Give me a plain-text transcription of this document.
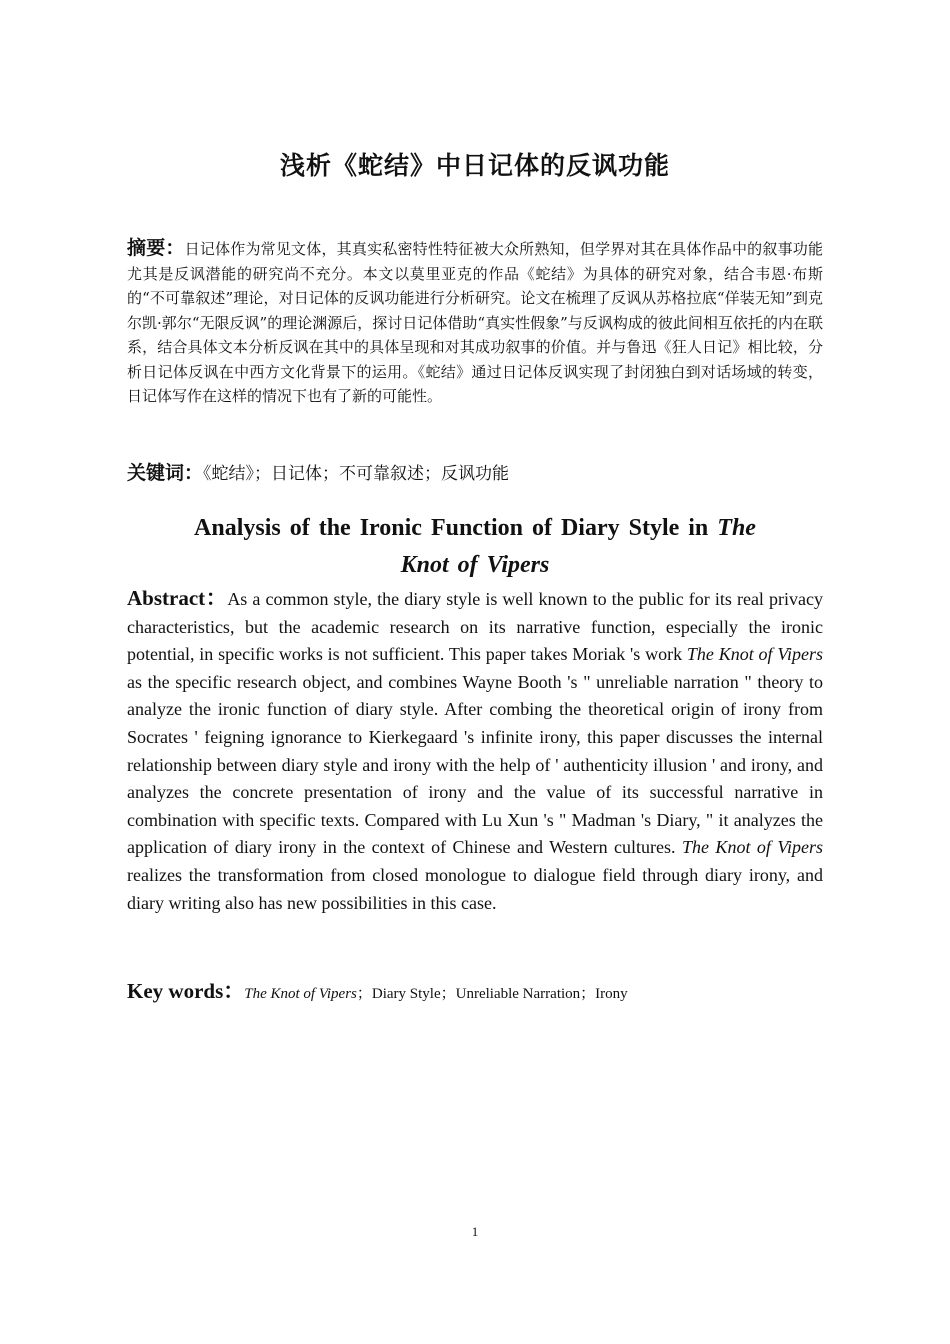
浅析《蛇结》中日记体的反讽功能
摘要：日记体作为常见文体，其真实私密特性特征被大众所熟知，但学界对其在具体作品中的叙事功能尤其是反讽潜能的研究尚不充分。本文以莫里亚克的作品《蛇结》为具体的研究对象，结合韦恩·布斯的“不可靠叙述”理论，对日记体的反讽功能进行分析研究。论文在梳理了反讽从苏格拉底“佯装无知”到克尔凯·郭尔“无限反讽”的理论渊源后，探讨日记体借助“真实性假象”与反讽构成的彼此间相互依托的内在联系，结合具体文本分析反讽在其中的具体呈现和对其成功叙事的价值。并与鲁迅《狂人日记》相比较，分析日记体反讽在中西方文化背景下的运用。《蛇结》通过日记体反讽实现了封闭独白到对话场域的转变，日记体写作在这样的情况下也有了新的可能性。
关键词：《蛇结》；日记体；不可靠叙述；反讽功能
Analysis of the Ironic Function of Diary Style in The Knot of Vipers
Abstract：As a common style, the diary style is well known to the public for its real privacy characteristics, but the academic research on its narrative function, especially the ironic potential, in specific works is not sufficient. This paper takes Moriak 's work The Knot of Vipers as the specific research object, and combines Wayne Booth 's " unreliable narration " theory to analyze the ironic function of diary style. After combing the theoretical origin of irony from Socrates ' feigning ignorance to Kierkegaard 's infinite irony, this paper discusses the internal relationship between diary style and irony with the help of ' authenticity illusion ' and irony, and analyzes the concrete presentation of irony and the value of its successful narrative in combination with specific texts. Compared with Lu Xun 's " Madman 's Diary, " it analyzes the application of diary irony in the context of Chinese and Western cultures. The Knot of Vipers realizes the transformation from closed monologue to dialogue field through diary irony, and diary writing also has new possibilities in this case.
Key words：The Knot of Vipers；Diary Style；Unreliable Narration；Irony
1
